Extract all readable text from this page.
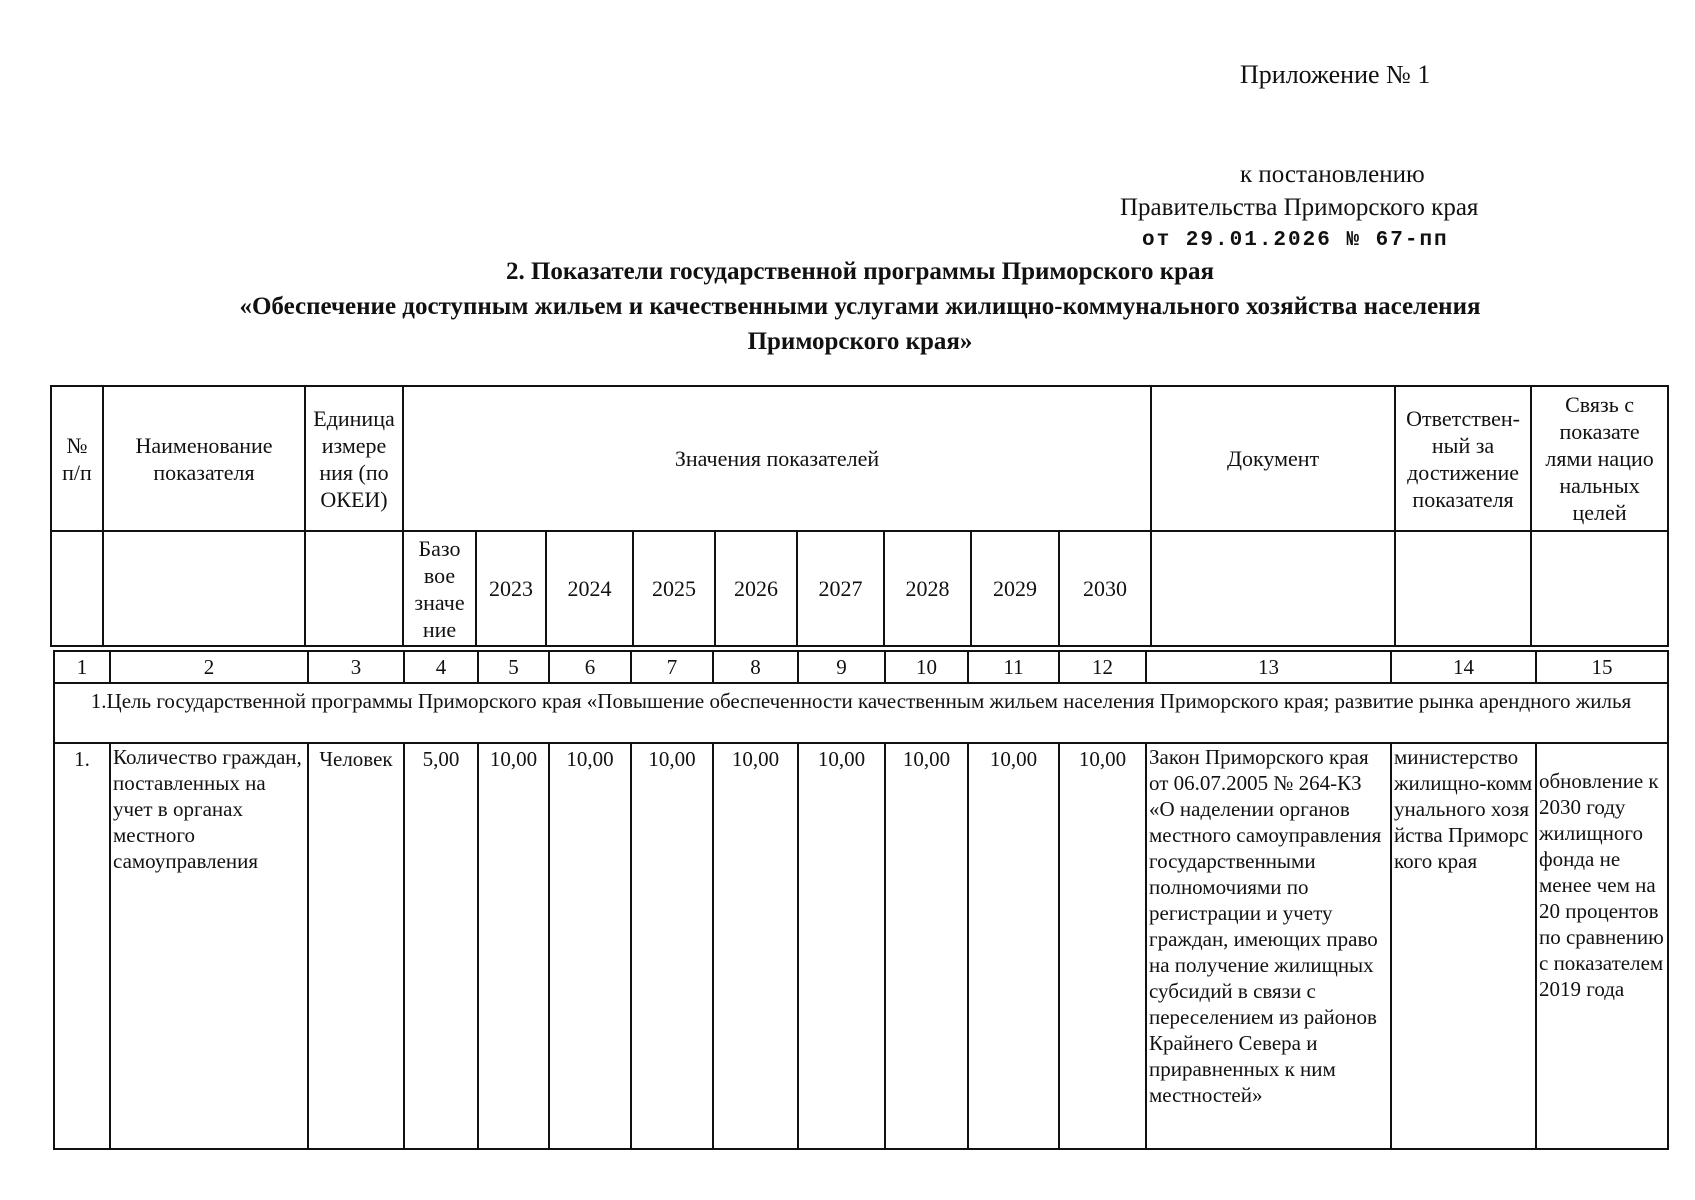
Приложение № 1
к постановлению
Правительства Приморского края
от 29.01.2026 № 67-пп
2. Показатели государственной программы Приморского края
«Обеспечение доступным жильем и качественными услугами жилищно-коммунального хозяйства населения
Приморского края»
№ п/п	Наименование показателя	Единица измере ния (по ОКЕИ)	Значения показателей									Документ	Ответствен-ный за достижение показателя	Связь с показате лями нацио нальных целей
			Базо вое значе ние	2023	2024	2025	2026	2027	2028	2029	2030			
1	2	3	4	5	6	7	8	9	10	11	12	13	14	15
1.Цель государственной программы Приморского края «Повышение обеспеченности качественным жильем населения Приморского края; развитие рынка арендного жилья														
1.	Количество граждан, поставленных на учет в органах местного самоуправления	Человек	5,00	10,00	10,00	10,00	10,00	10,00	10,00	10,00	10,00	Закон Приморского края от 06.07.2005 № 264-КЗ «О наделении органов местного самоуправления государственными полномочиями по регистрации и учету граждан, имеющих право на получение жилищных субсидий в связи с переселением из районов Крайнего Севера и приравненных к ним местностей»	министерство жилищно-коммунального хозяйства Приморского края	обновление к 2030 году жилищного фонда не менее чем на 20 процентов по сравнению с показателем 2019 года
